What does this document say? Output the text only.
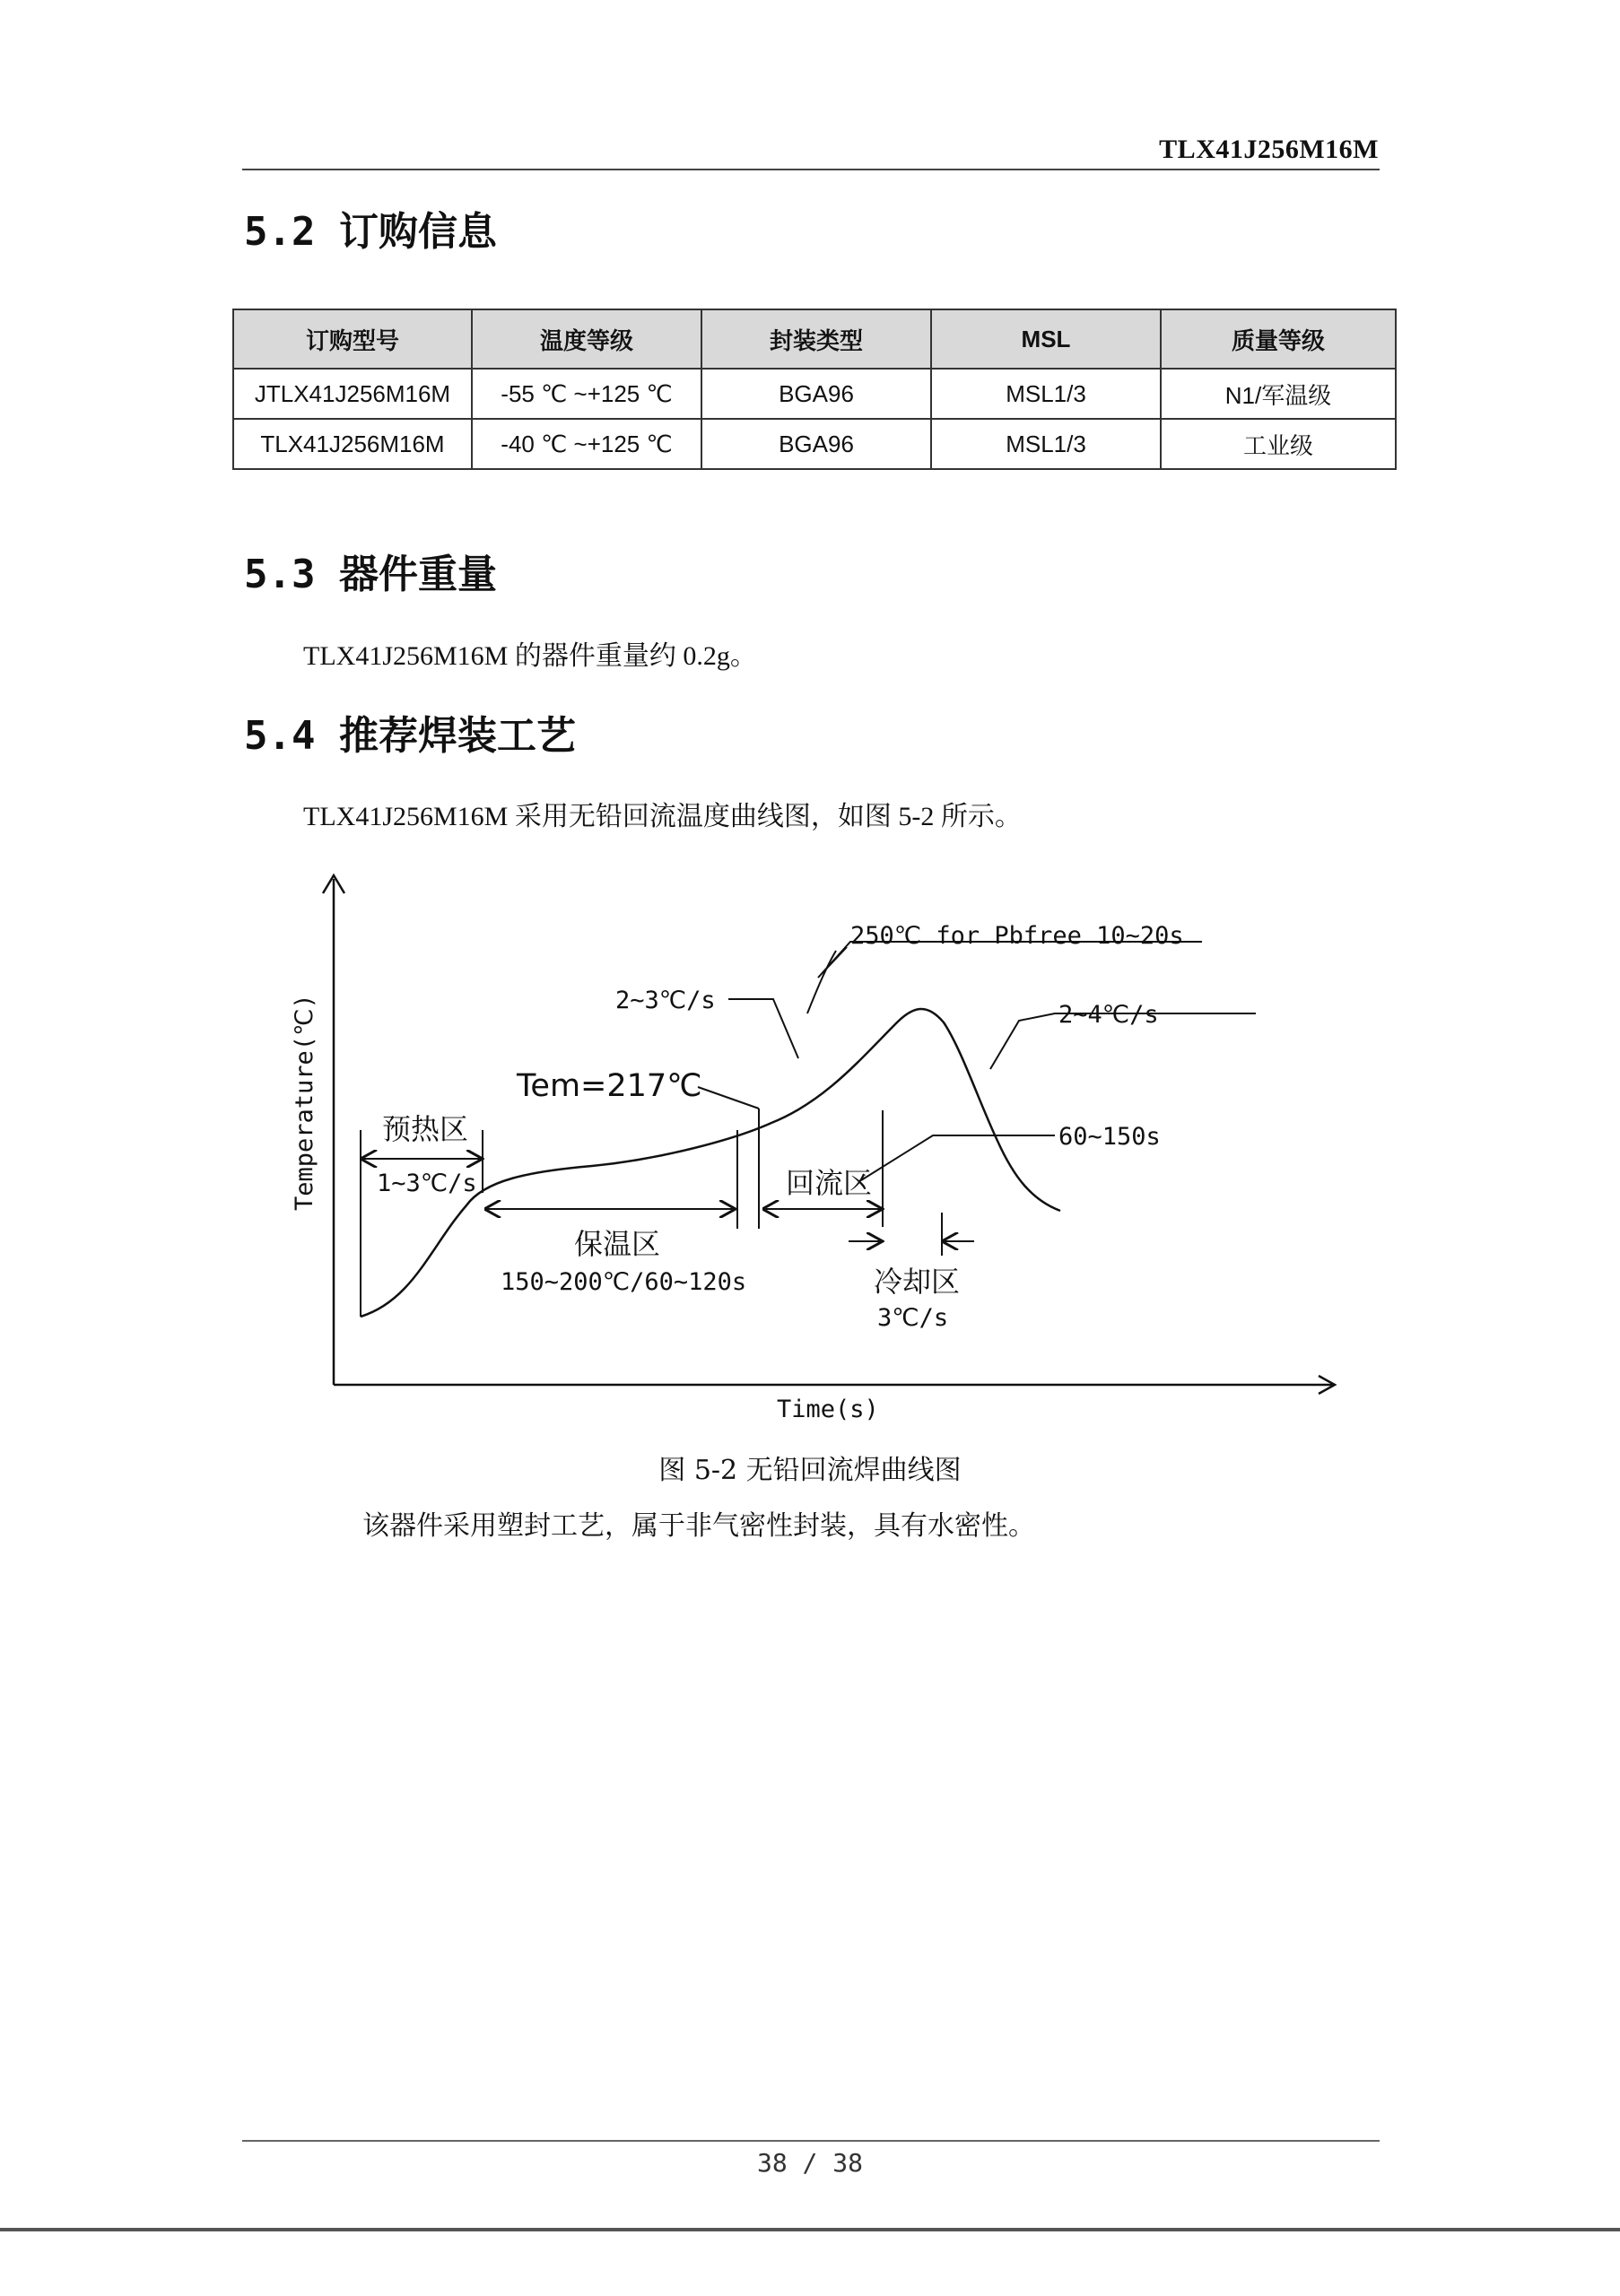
TLX41J256M16M
5.2 订购信息
订购型号	温度等级	封装类型	MSL	质量等级
JTLX41J256M16M	-55 ℃ ~+125 ℃	BGA96	MSL1/3	N1/军温级
TLX41J256M16M	-40 ℃ ~+125 ℃	BGA96	MSL1/3	工业级
5.3 器件重量
TLX41J256M16M 的器件重量约 0.2g。
5.4 推荐焊装工艺
TLX41J256M16M 采用无铅回流温度曲线图，如图 5-2 所示。
Temperature(℃)
Time(s)
预热区
1~3℃/s
保温区
150~200℃/60~120s
Tem=217℃
2~3℃/s
250℃ for Pbfree 10~20s
2~4℃/s
回流区
60~150s
冷却区
3℃/s
图 5-2 无铅回流焊曲线图
该器件采用塑封工艺，属于非气密性封装，具有水密性。
38 / 38
